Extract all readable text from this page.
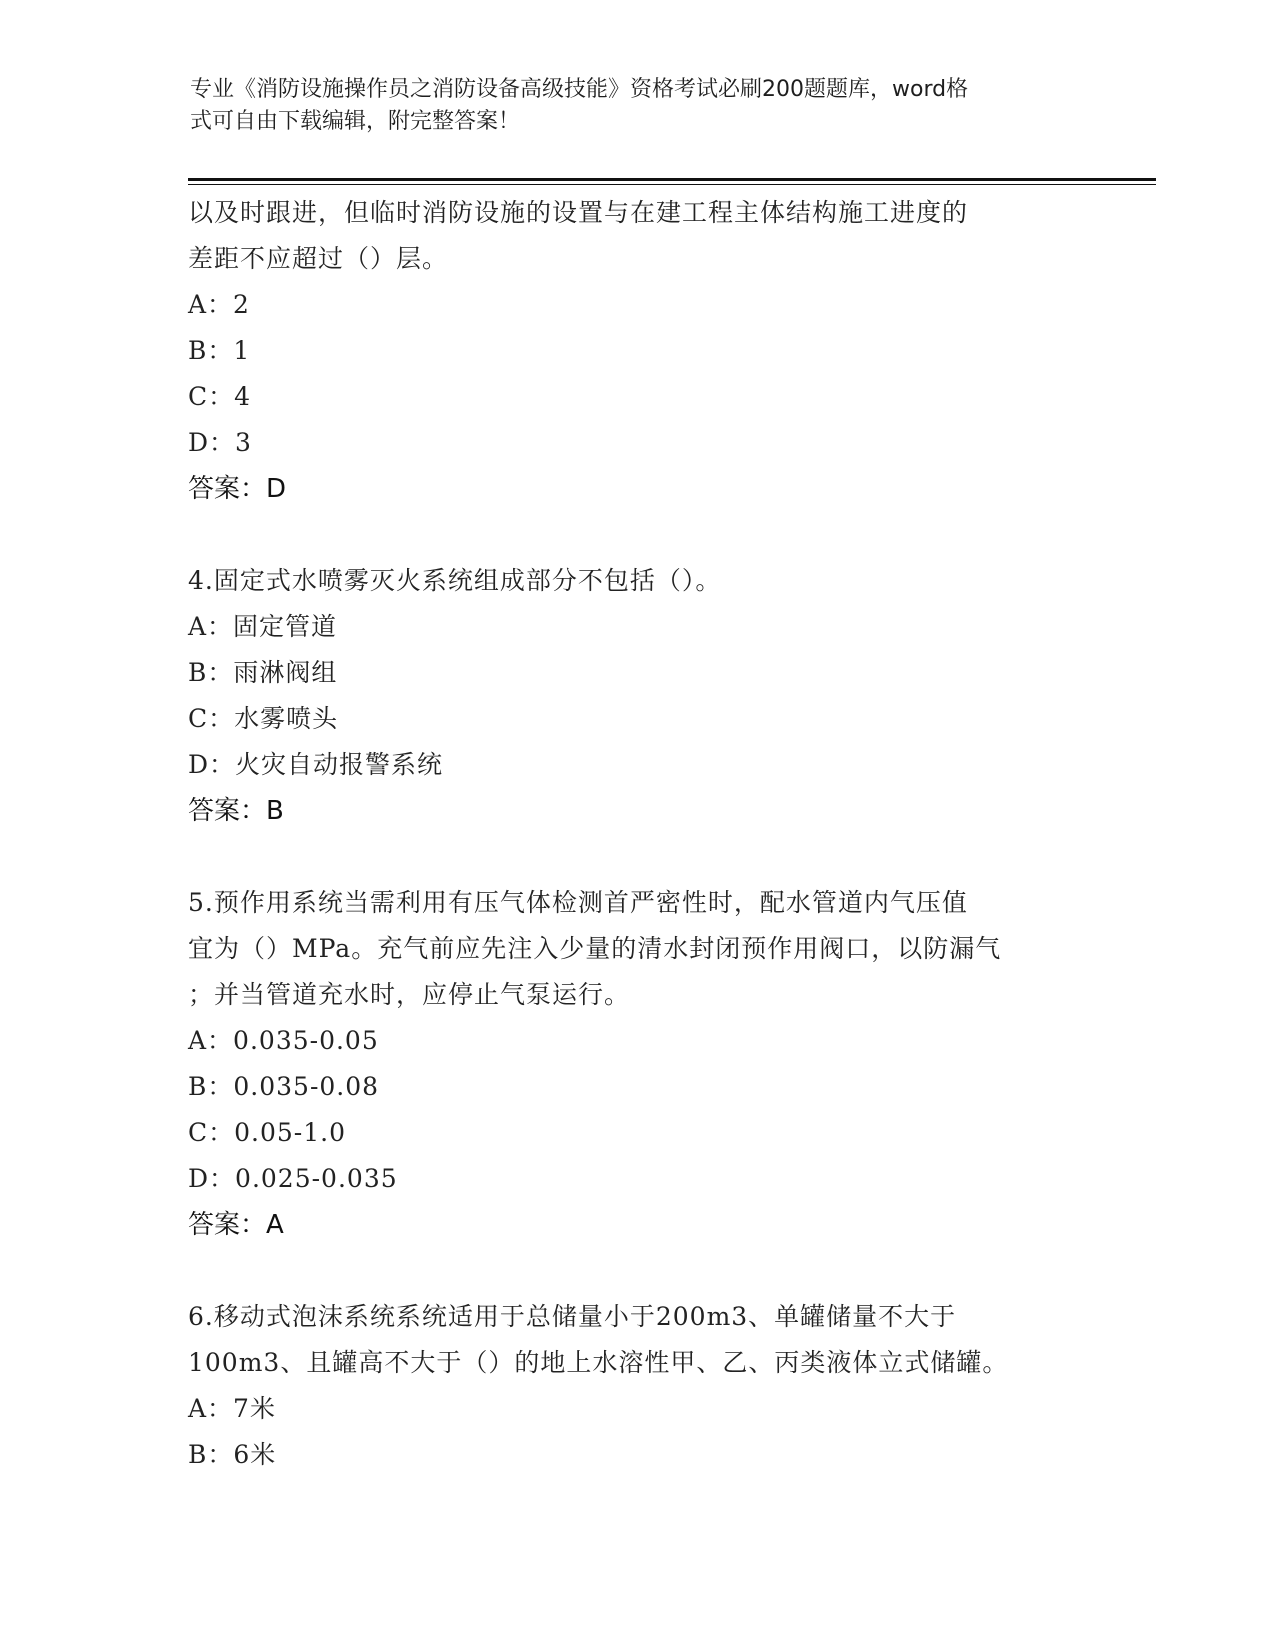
专业《消防设施操作员之消防设备高级技能》资格考试必刷200题题库，word格
式可自由下载编辑，附完整答案！
以及时跟进，但临时消防设施的设置与在建工程主体结构施工进度的
差距不应超过（）层。
A：2
B：1
C：4
D：3
答案：D
4.固定式水喷雾灭火系统组成部分不包括（）。
A：固定管道
B：雨淋阀组
C：水雾喷头
D：火灾自动报警系统
答案：B
5.预作用系统当需利用有压气体检测首严密性时，配水管道内气压值
宜为（）MPa。充气前应先注入少量的清水封闭预作用阀口，以防漏气
；并当管道充水时，应停止气泵运行。
A：0.035-0.05
B：0.035-0.08
C：0.05-1.0
D：0.025-0.035
答案：A
6.移动式泡沫系统系统适用于总储量小于200m3、单罐储量不大于
100m3、且罐高不大于（）的地上水溶性甲、乙、丙类液体立式储罐。
A：7米
B：6米
